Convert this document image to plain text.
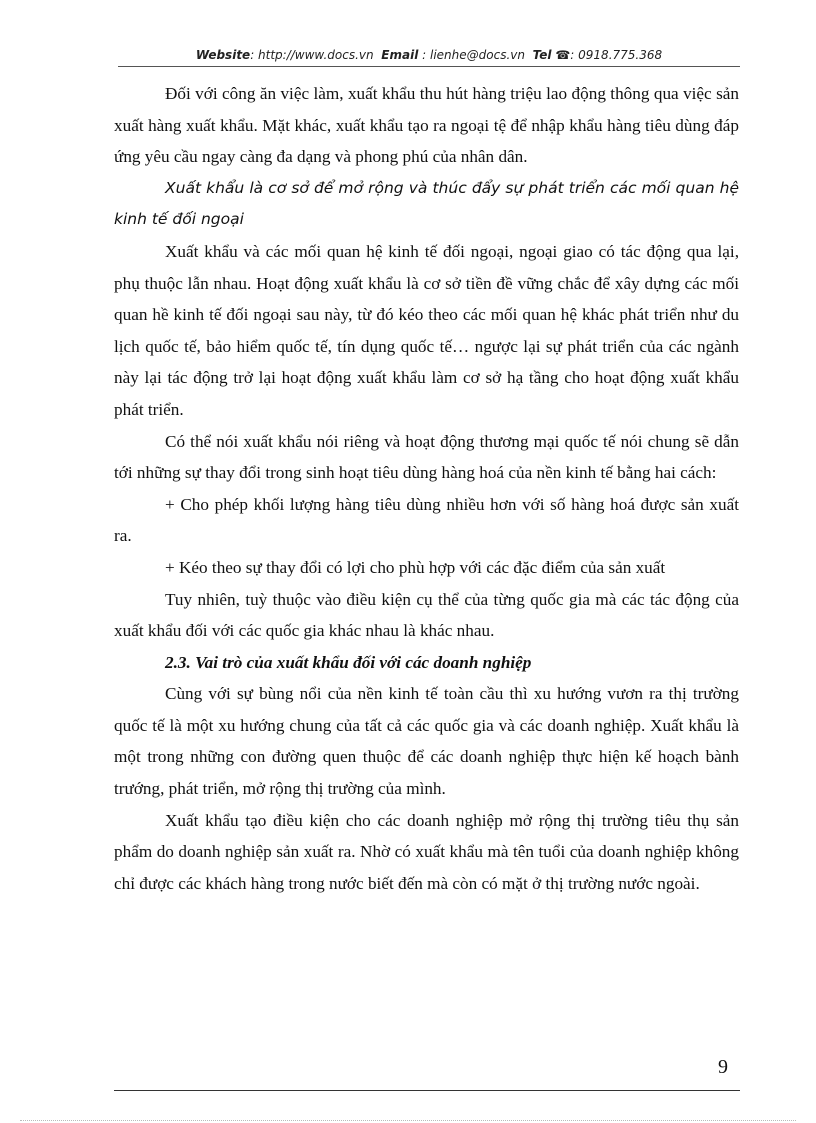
Website: http://www.docs.vn Email : lienhe@docs.vn Tel ☎: 0918.775.368

Đối với công ăn việc làm, xuất khẩu thu hút hàng triệu lao động thông qua việc sản xuất hàng xuất khẩu. Mặt khác, xuất khẩu tạo ra ngoại tệ để nhập khẩu hàng tiêu dùng đáp ứng yêu cầu ngay càng đa dạng và phong phú của nhân dân.

Xuất khẩu là cơ sở để mở rộng và thúc đẩy sự phát triển các mối quan hệ kinh tế đối ngoại

Xuất khẩu và các mối quan hệ kinh tế đối ngoại, ngoại giao có tác động qua lại, phụ thuộc lẫn nhau. Hoạt động xuất khẩu là cơ sở tiền đề vững chắc để xây dựng các mối quan hề kinh tế đối ngoại sau này, từ đó kéo theo các mối quan hệ khác phát triển như du lịch quốc tế, bảo hiểm quốc tế, tín dụng quốc tế… ngược lại sự phát triển của các ngành này lại tác động trở lại hoạt động xuất khẩu làm cơ sở hạ tầng cho hoạt động xuất khẩu phát triển.

Có thể nói xuất khẩu nói riêng và hoạt động thương mại quốc tế nói chung sẽ dẫn tới những sự thay đổi trong sinh hoạt tiêu dùng hàng hoá của nền kinh tế bằng hai cách:

+ Cho phép khối lượng hàng tiêu dùng nhiều hơn với số hàng hoá được sản xuất ra.

+ Kéo theo sự thay đổi có lợi cho phù hợp với các đặc điểm của sản xuất

Tuy nhiên, tuỳ thuộc vào điều kiện cụ thể của từng quốc gia mà các tác động của xuất khẩu đối với các quốc gia khác nhau là khác nhau.

2.3. Vai trò của xuất khẩu đối với các doanh nghiệp

Cùng với sự bùng nổi của nền kinh tế toàn cầu thì xu hướng vươn ra thị trường quốc tế là một xu hướng chung của tất cả các quốc gia và các doanh nghiệp. Xuất khẩu là một trong những con đường quen thuộc để các doanh nghiệp thực hiện kế hoạch bành trướng, phát triển, mở rộng thị trường của mình.

Xuất khẩu tạo điều kiện cho các doanh nghiệp mở rộng thị trường tiêu thụ sản phẩm do doanh nghiệp sản xuất ra. Nhờ có xuất khẩu mà tên tuổi của doanh nghiệp không chỉ được các khách hàng trong nước biết đến mà còn có mặt ở thị trường nước ngoài.

9
